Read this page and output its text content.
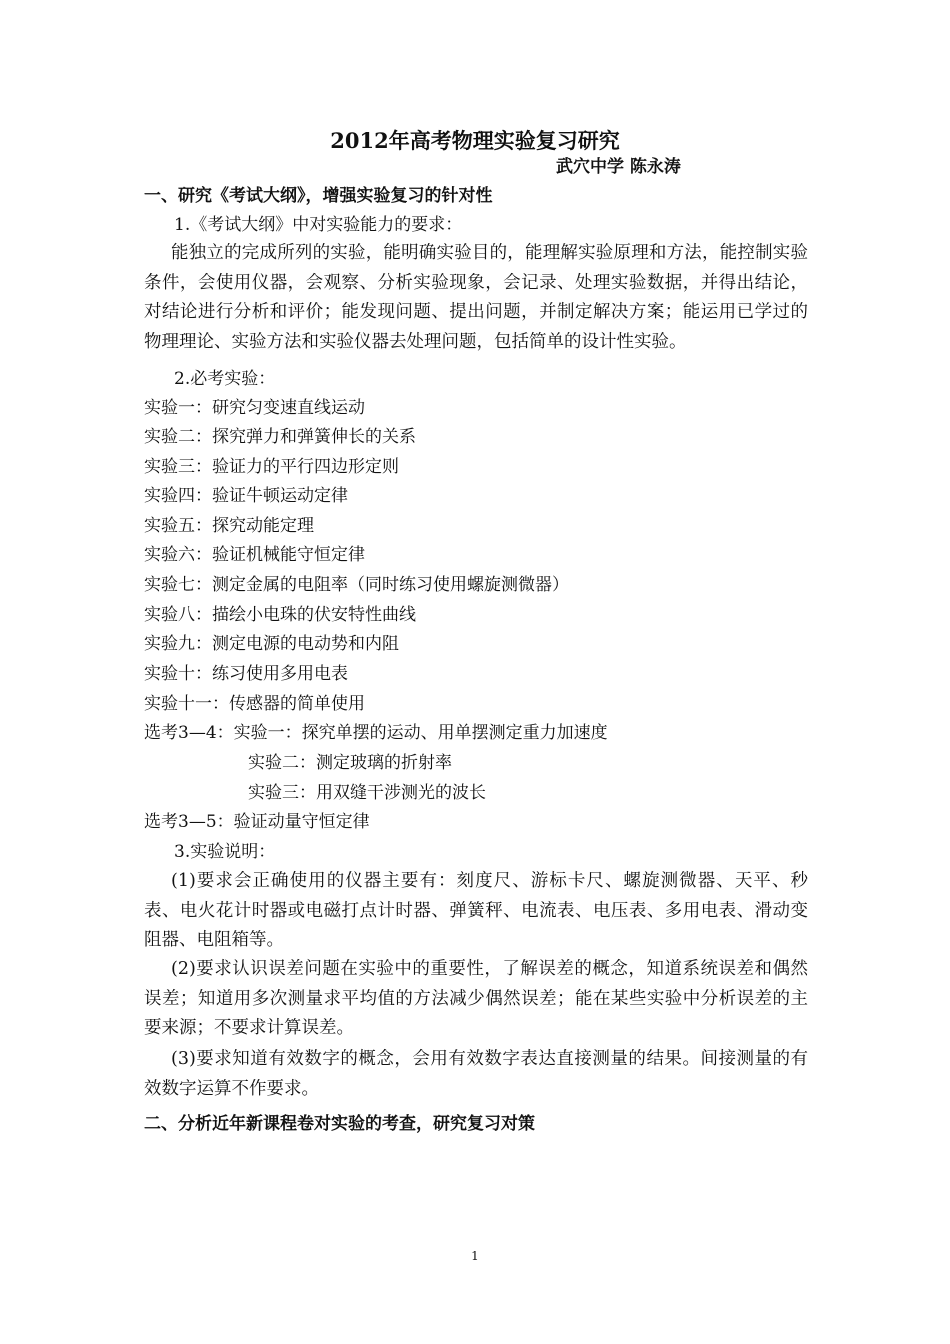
2012年高考物理实验复习研究
武穴中学 陈永涛
一、研究《考试大纲》，增强实验复习的针对性
1.《考试大纲》中对实验能力的要求：
能独立的完成所列的实验，能明确实验目的，能理解实验原理和方法，能控制实验条件，会使用仪器，会观察、分析实验现象，会记录、处理实验数据，并得出结论，对结论进行分析和评价；能发现问题、提出问题，并制定解决方案；能运用已学过的物理理论、实验方法和实验仪器去处理问题，包括简单的设计性实验。
2.必考实验：
实验一：研究匀变速直线运动
实验二：探究弹力和弹簧伸长的关系
实验三：验证力的平行四边形定则
实验四：验证牛顿运动定律
实验五：探究动能定理
实验六：验证机械能守恒定律
实验七：测定金属的电阻率（同时练习使用螺旋测微器）
实验八：描绘小电珠的伏安特性曲线
实验九：测定电源的电动势和内阻
实验十：练习使用多用电表
实验十一：传感器的简单使用
选考3—4：实验一：探究单摆的运动、用单摆测定重力加速度
实验二：测定玻璃的折射率
实验三：用双缝干涉测光的波长
选考3—5：验证动量守恒定律
3.实验说明：
(1)要求会正确使用的仪器主要有：刻度尺、游标卡尺、螺旋测微器、天平、秒表、电火花计时器或电磁打点计时器、弹簧秤、电流表、电压表、多用电表、滑动变阻器、电阻箱等。
(2)要求认识误差问题在实验中的重要性，了解误差的概念，知道系统误差和偶然误差；知道用多次测量求平均值的方法减少偶然误差；能在某些实验中分析误差的主要来源；不要求计算误差。
(3)要求知道有效数字的概念，会用有效数字表达直接测量的结果。间接测量的有效数字运算不作要求。
二、分析近年新课程卷对实验的考查，研究复习对策
1
